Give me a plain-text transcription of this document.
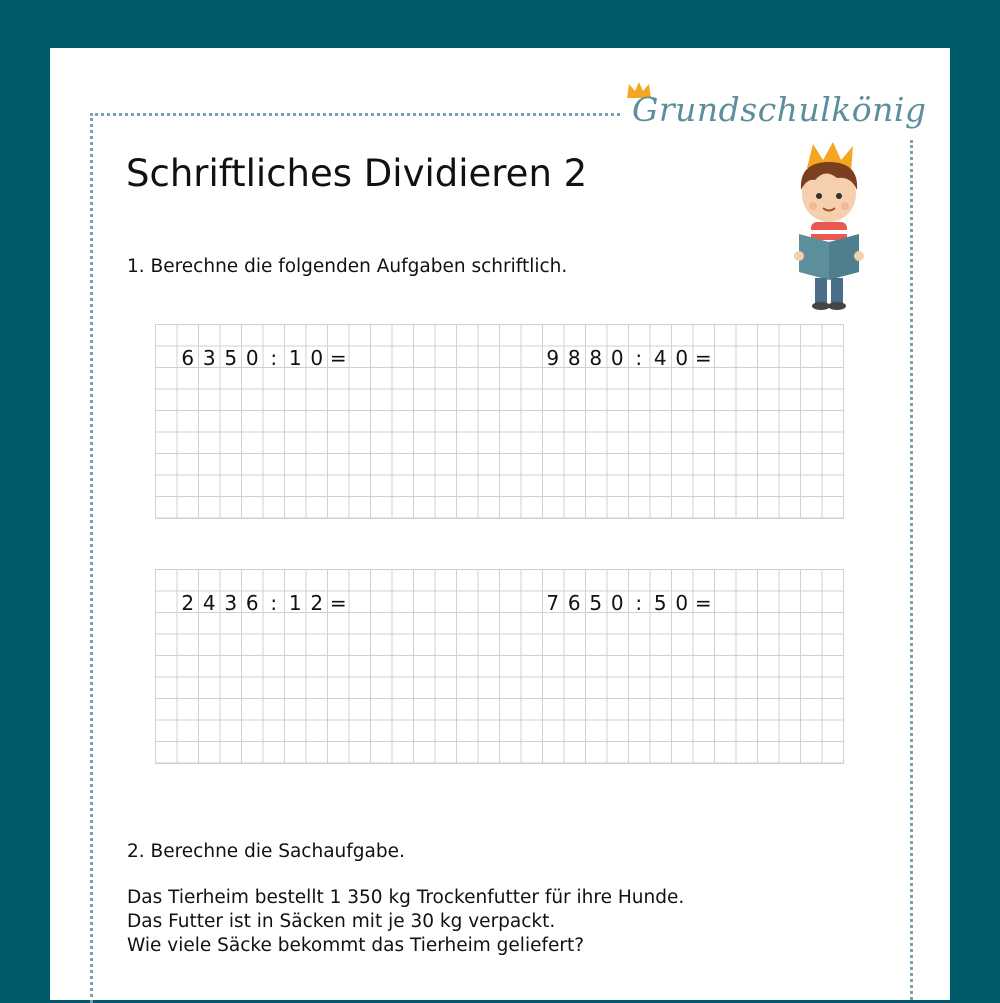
Grundschulkönig
Schriftliches Dividieren 2
1. Berechne die folgenden Aufgaben schriftlich.
6 3 5 0 : 1 0 =	9 8 8 0 : 4 0 =
2 4 3 6 : 1 2 =	7 6 5 0 : 5 0 =
2. Berechne die Sachaufgabe.
Das Tierheim bestellt 1 350 kg Trockenfutter für ihre Hunde.
Das Futter ist in Säcken mit je 30 kg verpackt.
Wie viele Säcke bekommt das Tierheim geliefert?
